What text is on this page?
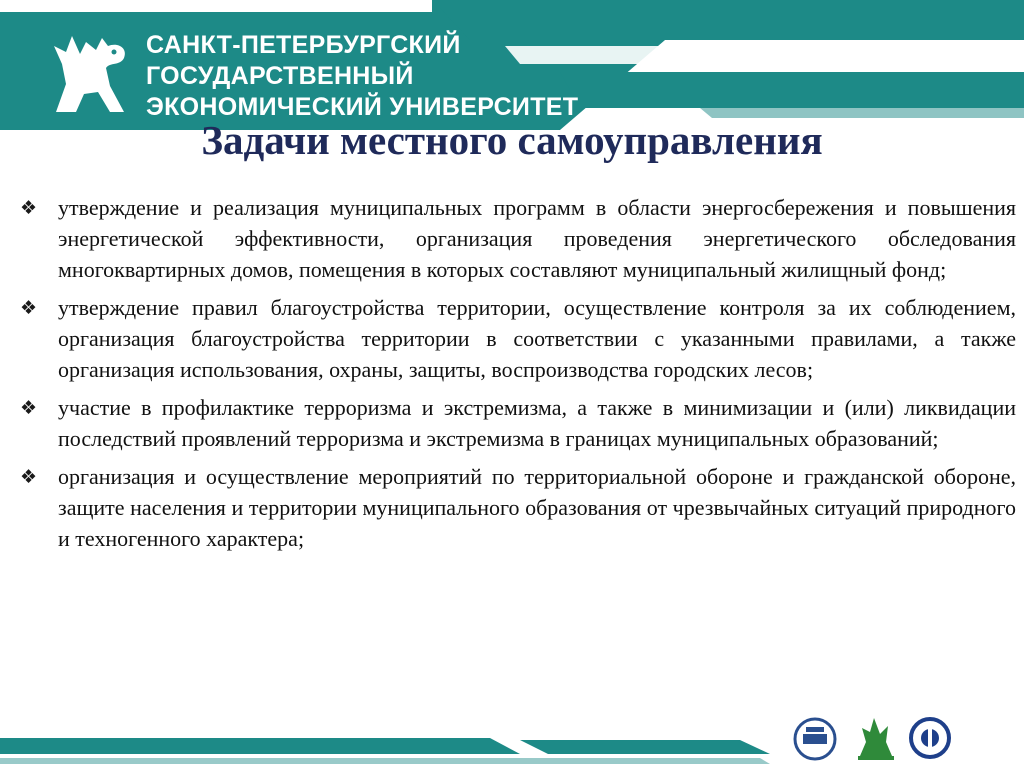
САНКТ-ПЕТЕРБУРГСКИЙ
ГОСУДАРСТВЕННЫЙ
ЭКОНОМИЧЕСКИЙ УНИВЕРСИТЕТ
Задачи местного самоуправления
❖ утверждение и реализация муниципальных программ в области энергосбережения и повышения энергетической эффективности, организация проведения энергетического обследования многоквартирных домов, помещения в которых составляют муниципальный жилищный фонд;
❖ утверждение правил благоустройства территории, осуществление контроля за их соблюдением, организация благоустройства территории в соответствии с указанными правилами, а также организация использования, охраны, защиты, воспроизводства городских лесов;
❖ участие в профилактике терроризма и экстремизма, а также в минимизации и (или) ликвидации последствий проявлений терроризма и экстремизма в границах муниципальных образований;
❖ организация и осуществление мероприятий по территориальной обороне и гражданской обороне, защите населения и территории муниципального образования от чрезвычайных ситуаций природного и техногенного характера;
